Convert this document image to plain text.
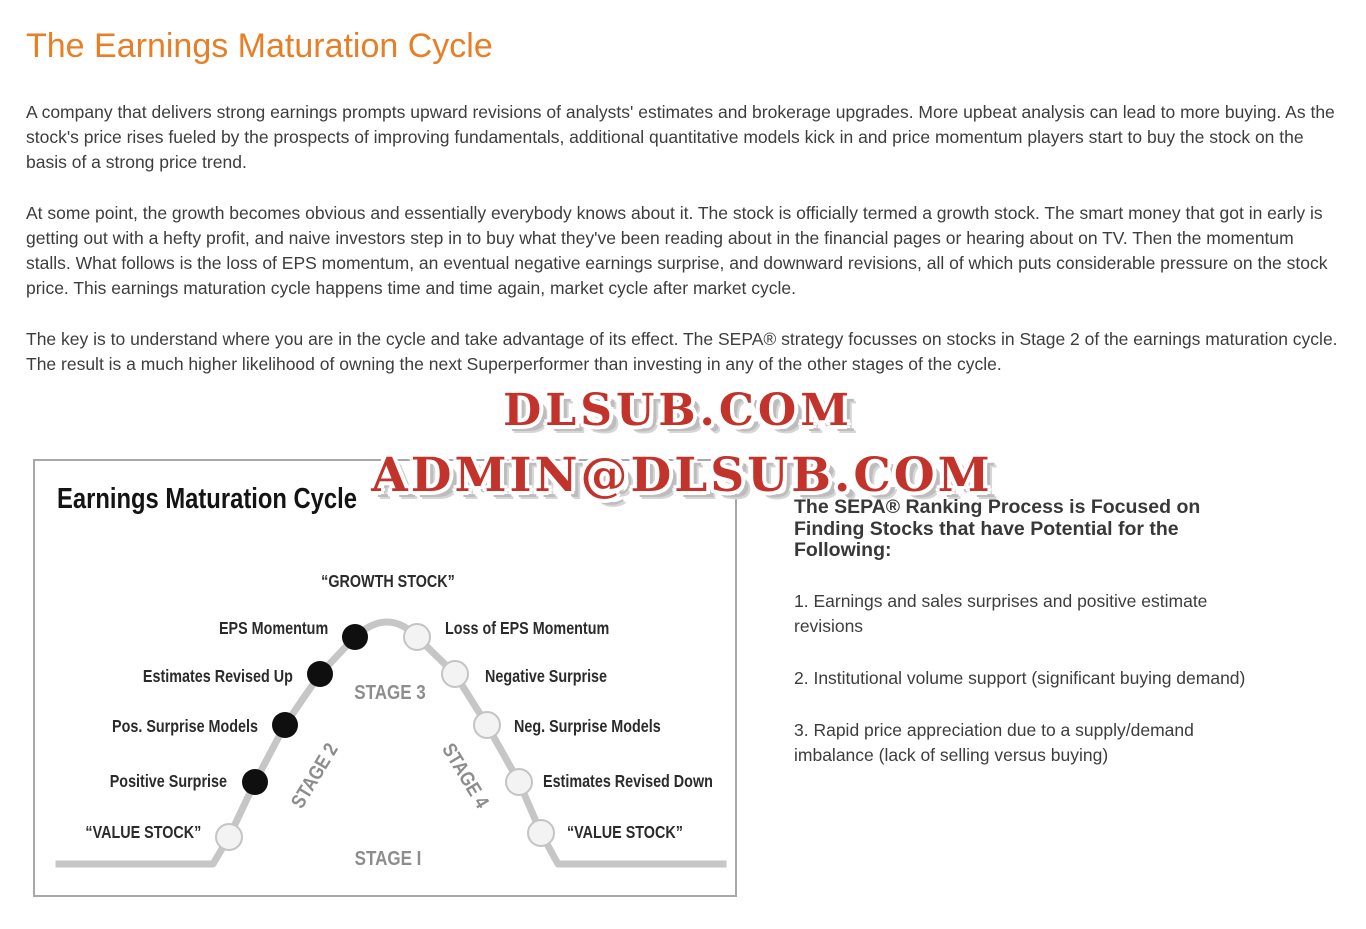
The Earnings Maturation Cycle

A company that delivers strong earnings prompts upward revisions of analysts' estimates and brokerage upgrades. More upbeat analysis can lead to more buying. As the stock's price rises fueled by the prospects of improving fundamentals, additional quantitative models kick in and price momentum players start to buy the stock on the basis of a strong price trend.

At some point, the growth becomes obvious and essentially everybody knows about it. The stock is officially termed a growth stock. The smart money that got in early is getting out with a hefty profit, and naive investors step in to buy what they've been reading about in the financial pages or hearing about on TV. Then the momentum stalls. What follows is the loss of EPS momentum, an eventual negative earnings surprise, and downward revisions, all of which puts considerable pressure on the stock price. This earnings maturation cycle happens time and time again, market cycle after market cycle.

The key is to understand where you are in the cycle and take advantage of its effect. The SEPA® strategy focusses on stocks in Stage 2 of the earnings maturation cycle. The result is a much higher likelihood of owning the next Superperformer than investing in any of the other stages of the cycle.

DLSUB.COM
ADMIN@DLSUB.COM
Earnings Maturation Cycle
“GROWTH STOCK”
EPS Momentum
Estimates Revised Up
Pos. Surprise Models
Positive Surprise
“VALUE STOCK”
Loss of EPS Momentum
Negative Surprise
Neg. Surprise Models
Estimates Revised Down
“VALUE STOCK”
STAGE 3
STAGE 2	STAGE 4
STAGE I

The SEPA® Ranking Process is Focused on Finding Stocks that have Potential for the Following:

1. Earnings and sales surprises and positive estimate revisions

2. Institutional volume support (significant buying demand)

3. Rapid price appreciation due to a supply/demand imbalance (lack of selling versus buying)
